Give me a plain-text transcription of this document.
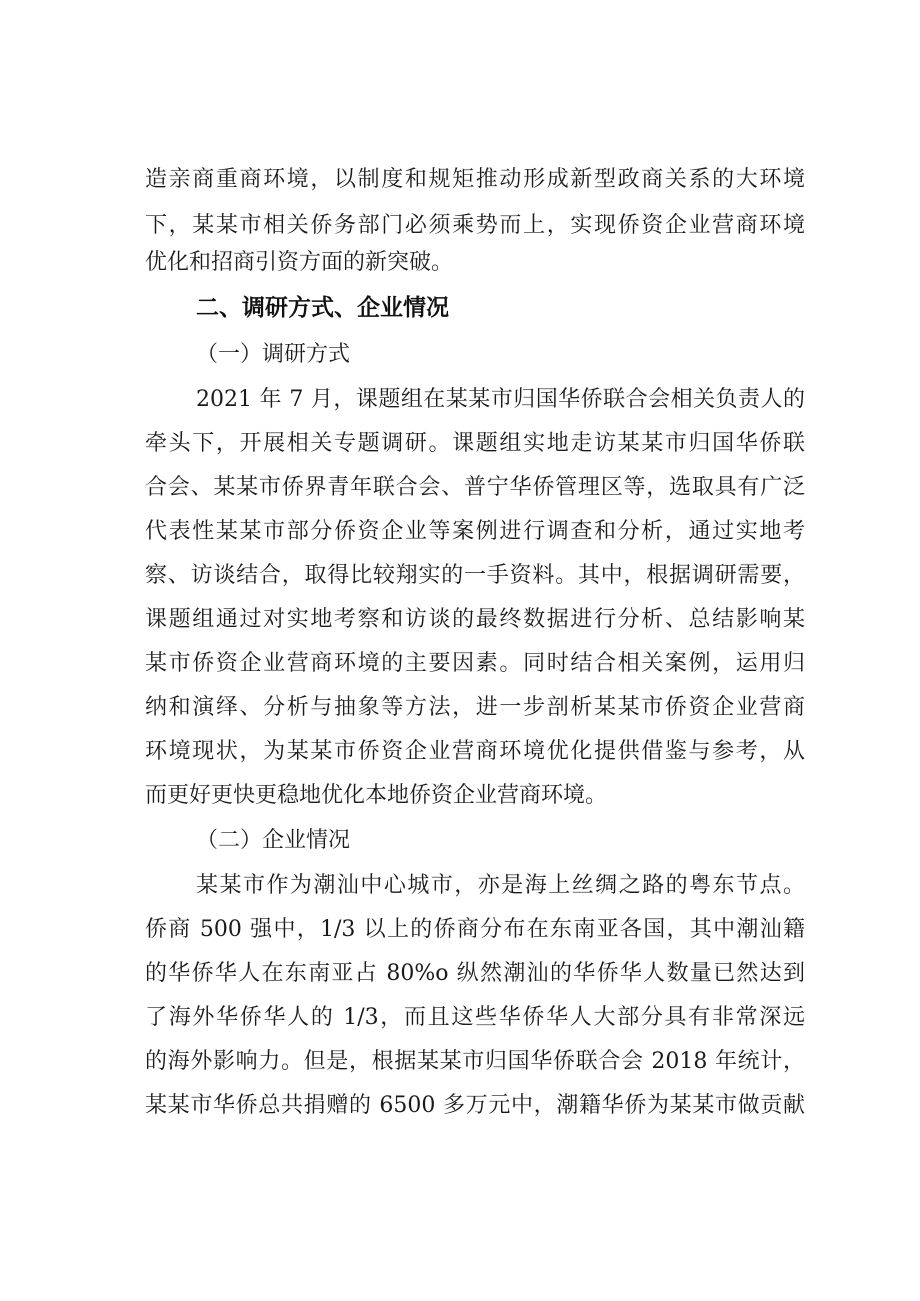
造亲商重商环境，以制度和规矩推动形成新型政商关系的大环境
下，某某市相关侨务部门必须乘势而上，实现侨资企业营商环境
优化和招商引资方面的新突破。
二、调研方式、企业情况
（一）调研方式
2021 年 7 月，课题组在某某市归国华侨联合会相关负责人的
牵头下，开展相关专题调研。课题组实地走访某某市归国华侨联
合会、某某市侨界青年联合会、普宁华侨管理区等，选取具有广泛
代表性某某市部分侨资企业等案例进行调查和分析，通过实地考
察、访谈结合，取得比较翔实的一手资料。其中，根据调研需要，
课题组通过对实地考察和访谈的最终数据进行分析、总结影响某
某市侨资企业营商环境的主要因素。同时结合相关案例，运用归
纳和演绎、分析与抽象等方法，进一步剖析某某市侨资企业营商
环境现状，为某某市侨资企业营商环境优化提供借鉴与参考，从
而更好更快更稳地优化本地侨资企业营商环境。
（二）企业情况
某某市作为潮汕中心城市，亦是海上丝绸之路的粤东节点。
侨商 500 强中，1/3 以上的侨商分布在东南亚各国，其中潮汕籍
的华侨华人在东南亚占 80%o 纵然潮汕的华侨华人数量已然达到
了海外华侨华人的 1/3，而且这些华侨华人大部分具有非常深远
的海外影响力。但是，根据某某市归国华侨联合会 2018 年统计，
某某市华侨总共捐赠的 6500 多万元中，潮籍华侨为某某市做贡献
